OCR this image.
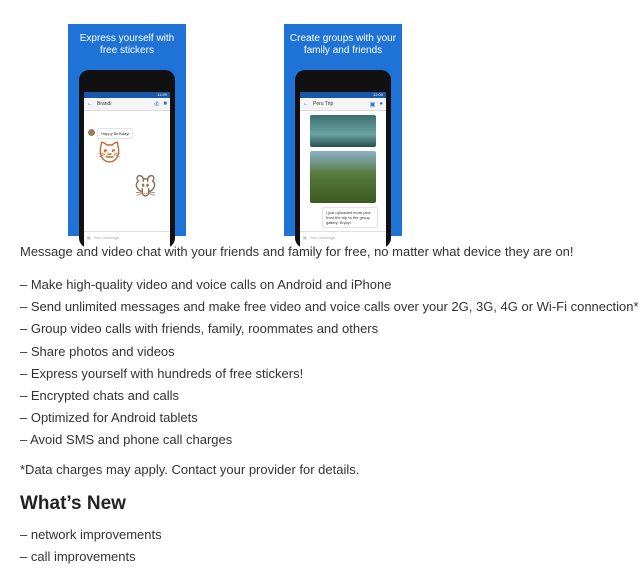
Express yourself with free stickers
11:59
← Brandi	✆ ■
Happy Birthday!
🐱
🐭
▦ Your message
Create groups with your family and friends
12:00
← Peru Trip	▣ ●
I just uploaded more pics from the trip to the group gallery. Enjoy!
▦ Your message

Message and video chat with your friends and family for free, no matter what device they are on!

– Make high-quality video and voice calls on Android and iPhone
– Send unlimited messages and make free video and voice calls over your 2G, 3G, 4G or Wi-Fi connection*
– Group video calls with friends, family, roommates and others
– Share photos and videos
– Express yourself with hundreds of free stickers!
– Encrypted chats and calls
– Optimized for Android tablets
– Avoid SMS and phone call charges

*Data charges may apply. Contact your provider for details.

What’s New
– network improvements
– call improvements
